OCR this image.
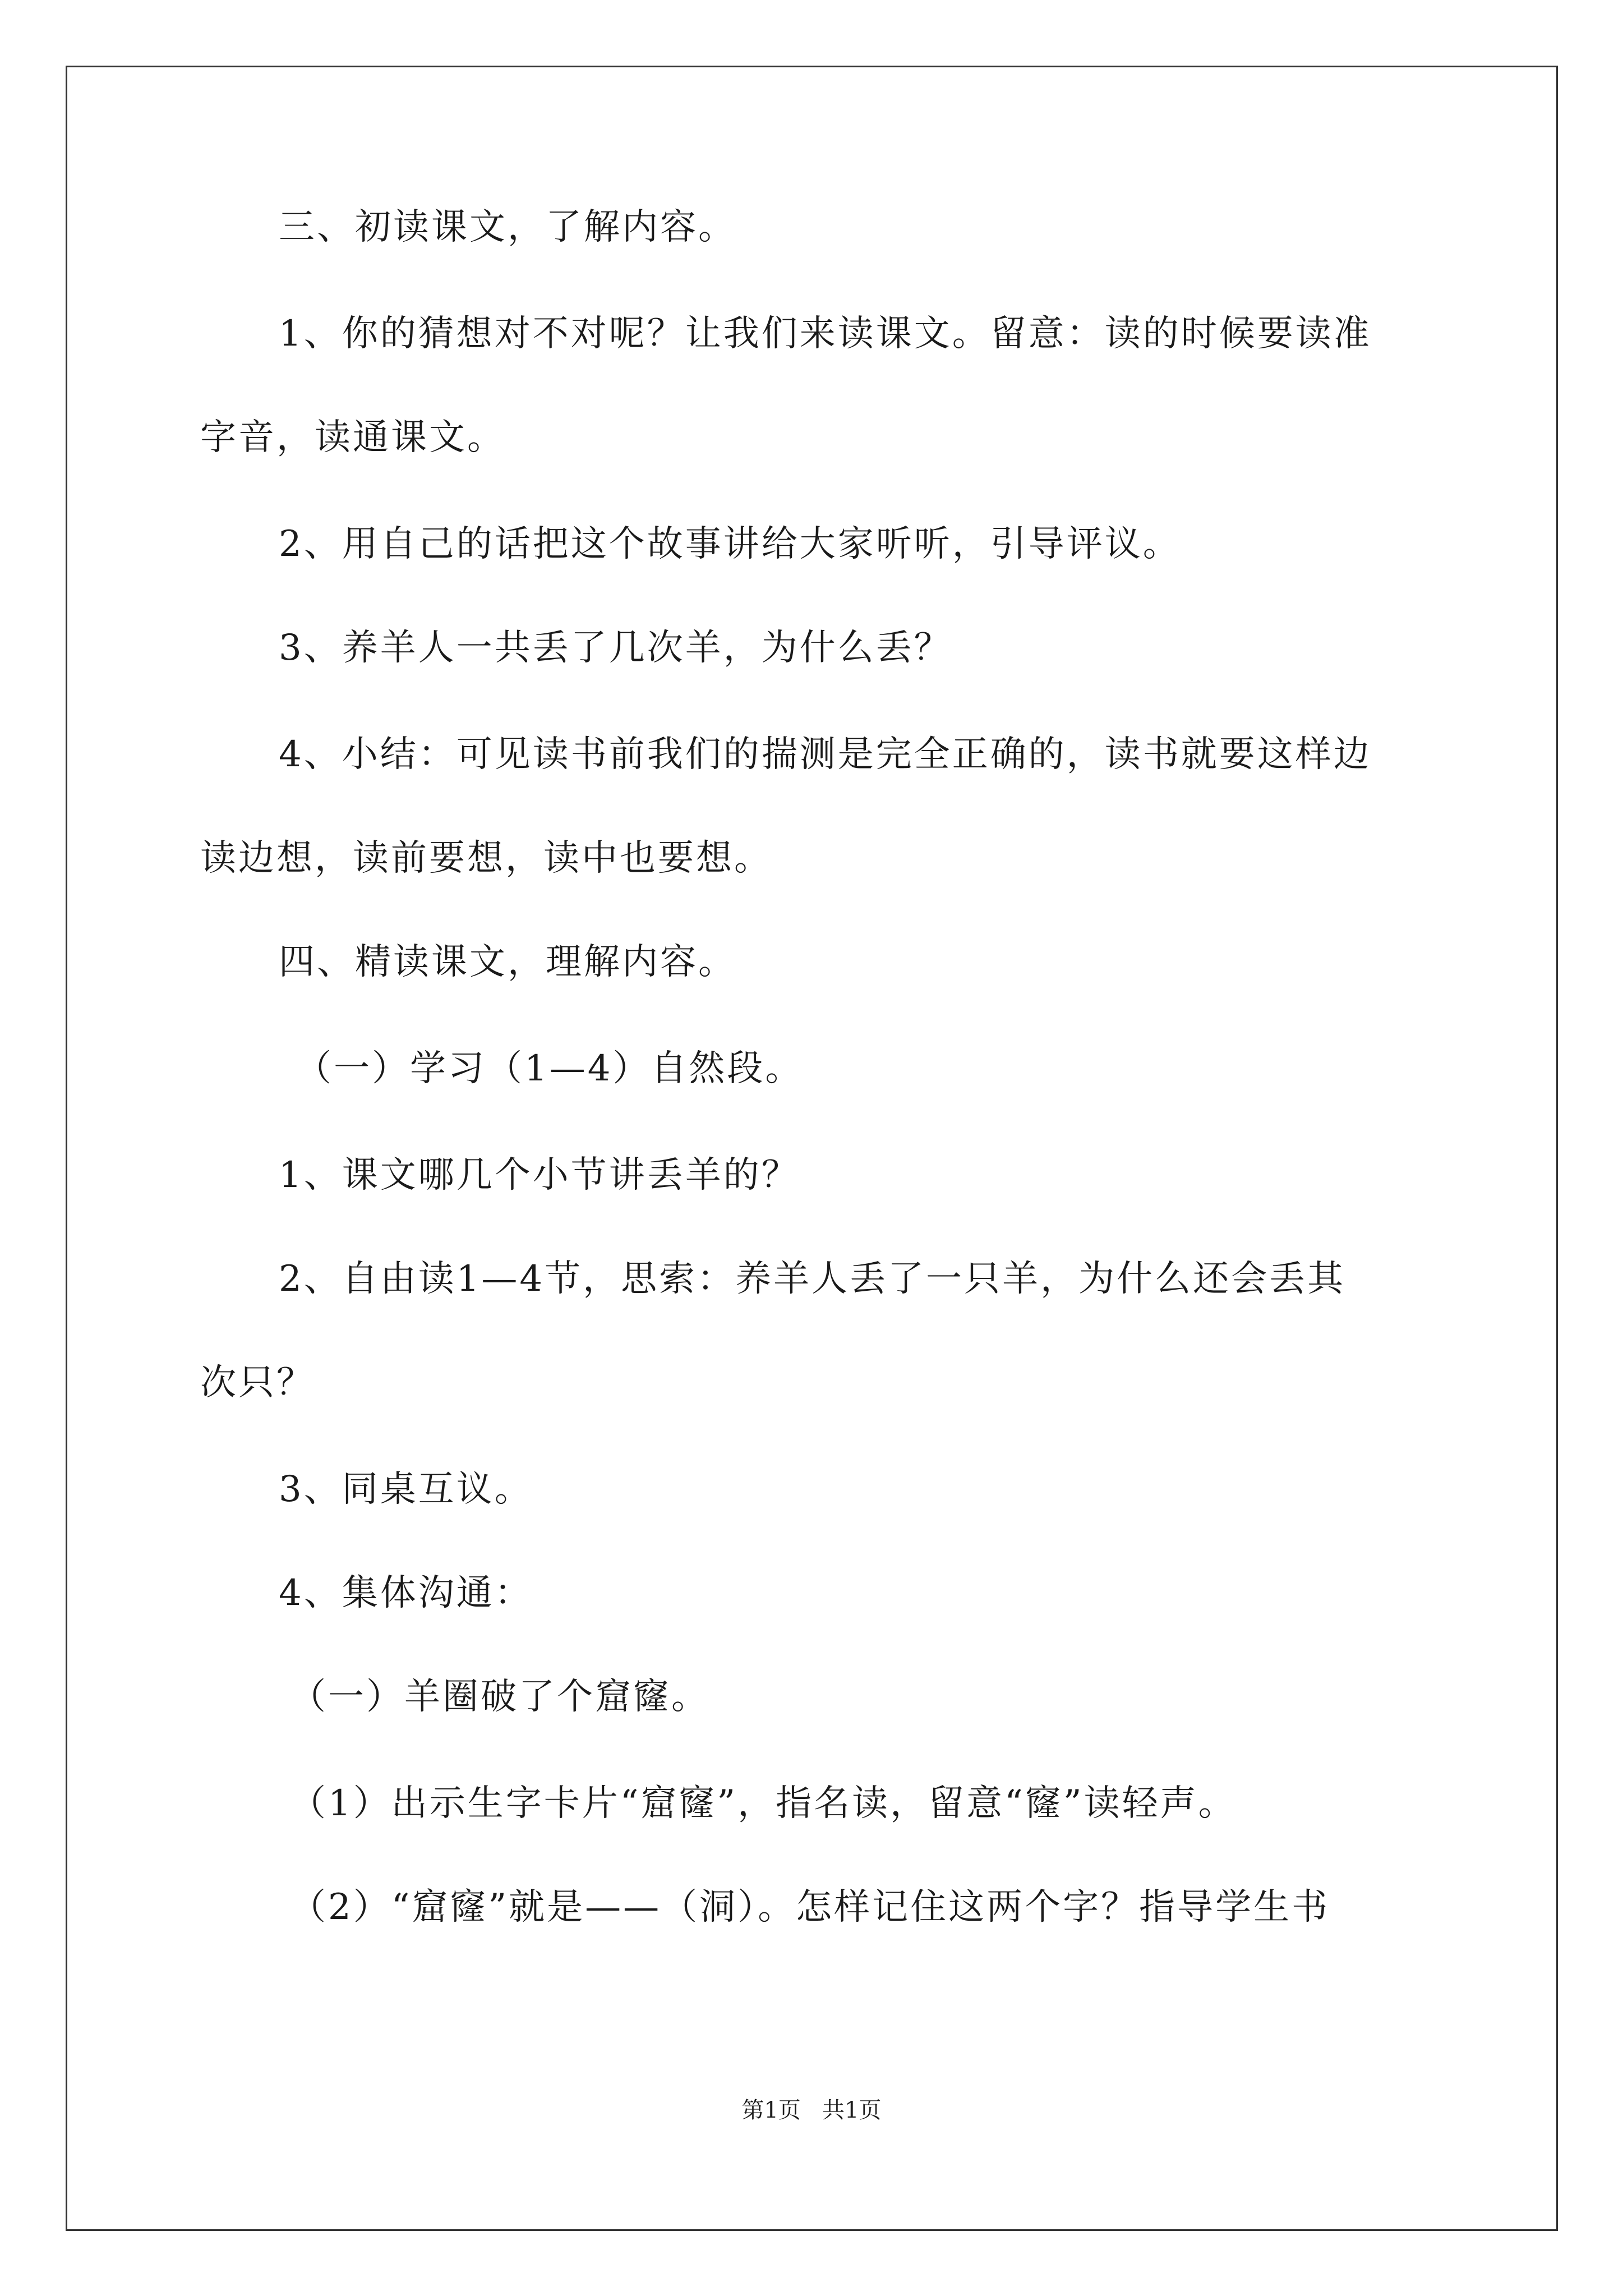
三、初读课文，了解内容。
1、你的猜想对不对呢？让我们来读课文。留意：读的时候要读准
字音，读通课文。
2、用自己的话把这个故事讲给大家听听，引导评议。
3、养羊人一共丢了几次羊，为什么丢？
4、小结：可见读书前我们的揣测是完全正确的，读书就要这样边
读边想，读前要想，读中也要想。
四、精读课文，理解内容。
（一）学习（1—4）自然段。
1、课文哪几个小节讲丢羊的？
2、自由读1—4节，思索：养羊人丢了一只羊，为什么还会丢其
次只？
3、同桌互议。
4、集体沟通：
（一）羊圈破了个窟窿。
（1）出示生字卡片“窟窿”，指名读，留意“窿”读轻声。
（2）“窟窿”就是——（洞）。怎样记住这两个字？指导学生书
第1页   共1页
